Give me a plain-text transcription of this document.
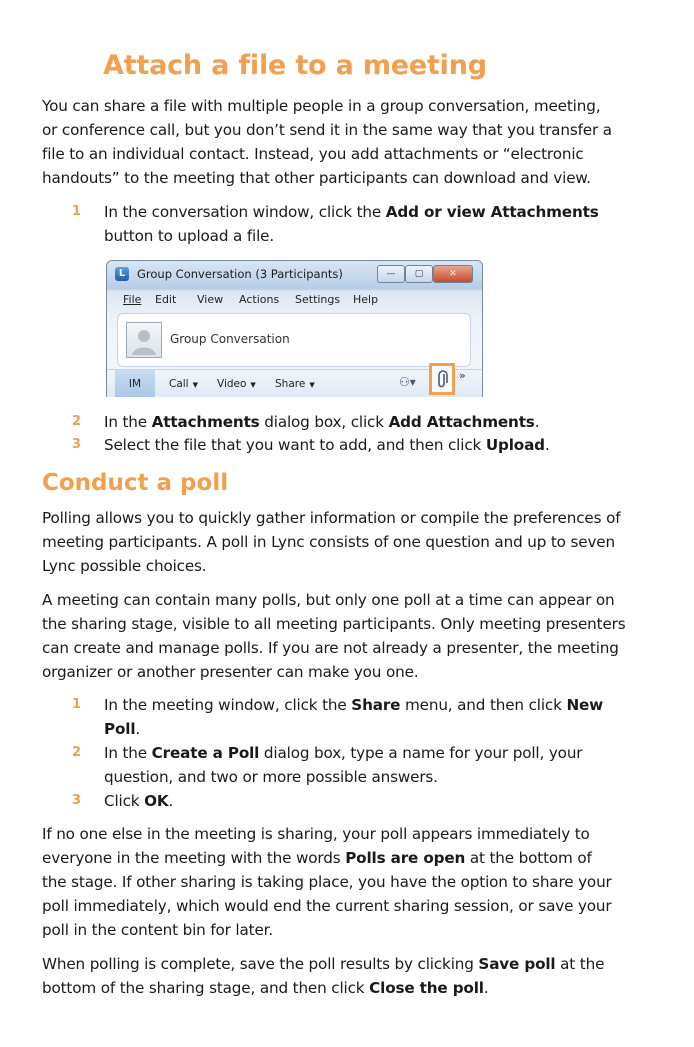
Attach a file to a meeting

You can share a file with multiple people in a group conversation, meeting,
or conference call, but you don’t send it in the same way that you transfer a
file to an individual contact. Instead, you add attachments or “electronic
handouts” to the meeting that other participants can download and view.

1 In the conversation window, click the Add or view Attachments
button to upload a file.
L	Group Conversation (3 Participants)	—	▢	✕
File Edit View Actions Settings Help
Group Conversation
IM	Call ▼ Video ▼ Share ▼	⚇▾	»
2 In the Attachments dialog box, click Add Attachments.
3 Select the file that you want to add, and then click Upload.
Conduct a poll

Polling allows you to quickly gather information or compile the preferences of
meeting participants. A poll in Lync consists of one question and up to seven
Lync possible choices.

A meeting can contain many polls, but only one poll at a time can appear on
the sharing stage, visible to all meeting participants. Only meeting presenters
can create and manage polls. If you are not already a presenter, the meeting
organizer or another presenter can make you one.

1 In the meeting window, click the Share menu, and then click New
Poll.
2 In the Create a Poll dialog box, type a name for your poll, your
question, and two or more possible answers.
3 Click OK.

If no one else in the meeting is sharing, your poll appears immediately to
everyone in the meeting with the words Polls are open at the bottom of
the stage. If other sharing is taking place, you have the option to share your
poll immediately, which would end the current sharing session, or save your
poll in the content bin for later.

When polling is complete, save the poll results by clicking Save poll at the
bottom of the sharing stage, and then click Close the poll.
